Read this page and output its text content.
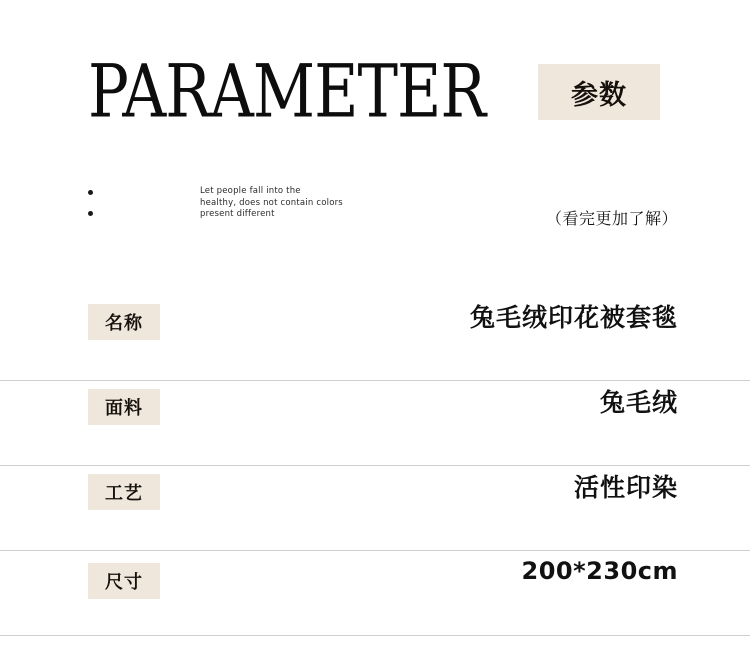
PARAMETER	参数
Let people fall into the
healthy, does not contain colors
present different	（看完更加了解）
名称	兔毛绒印花被套毯
面料	兔毛绒
工艺	活性印染
尺寸	200*230cm
